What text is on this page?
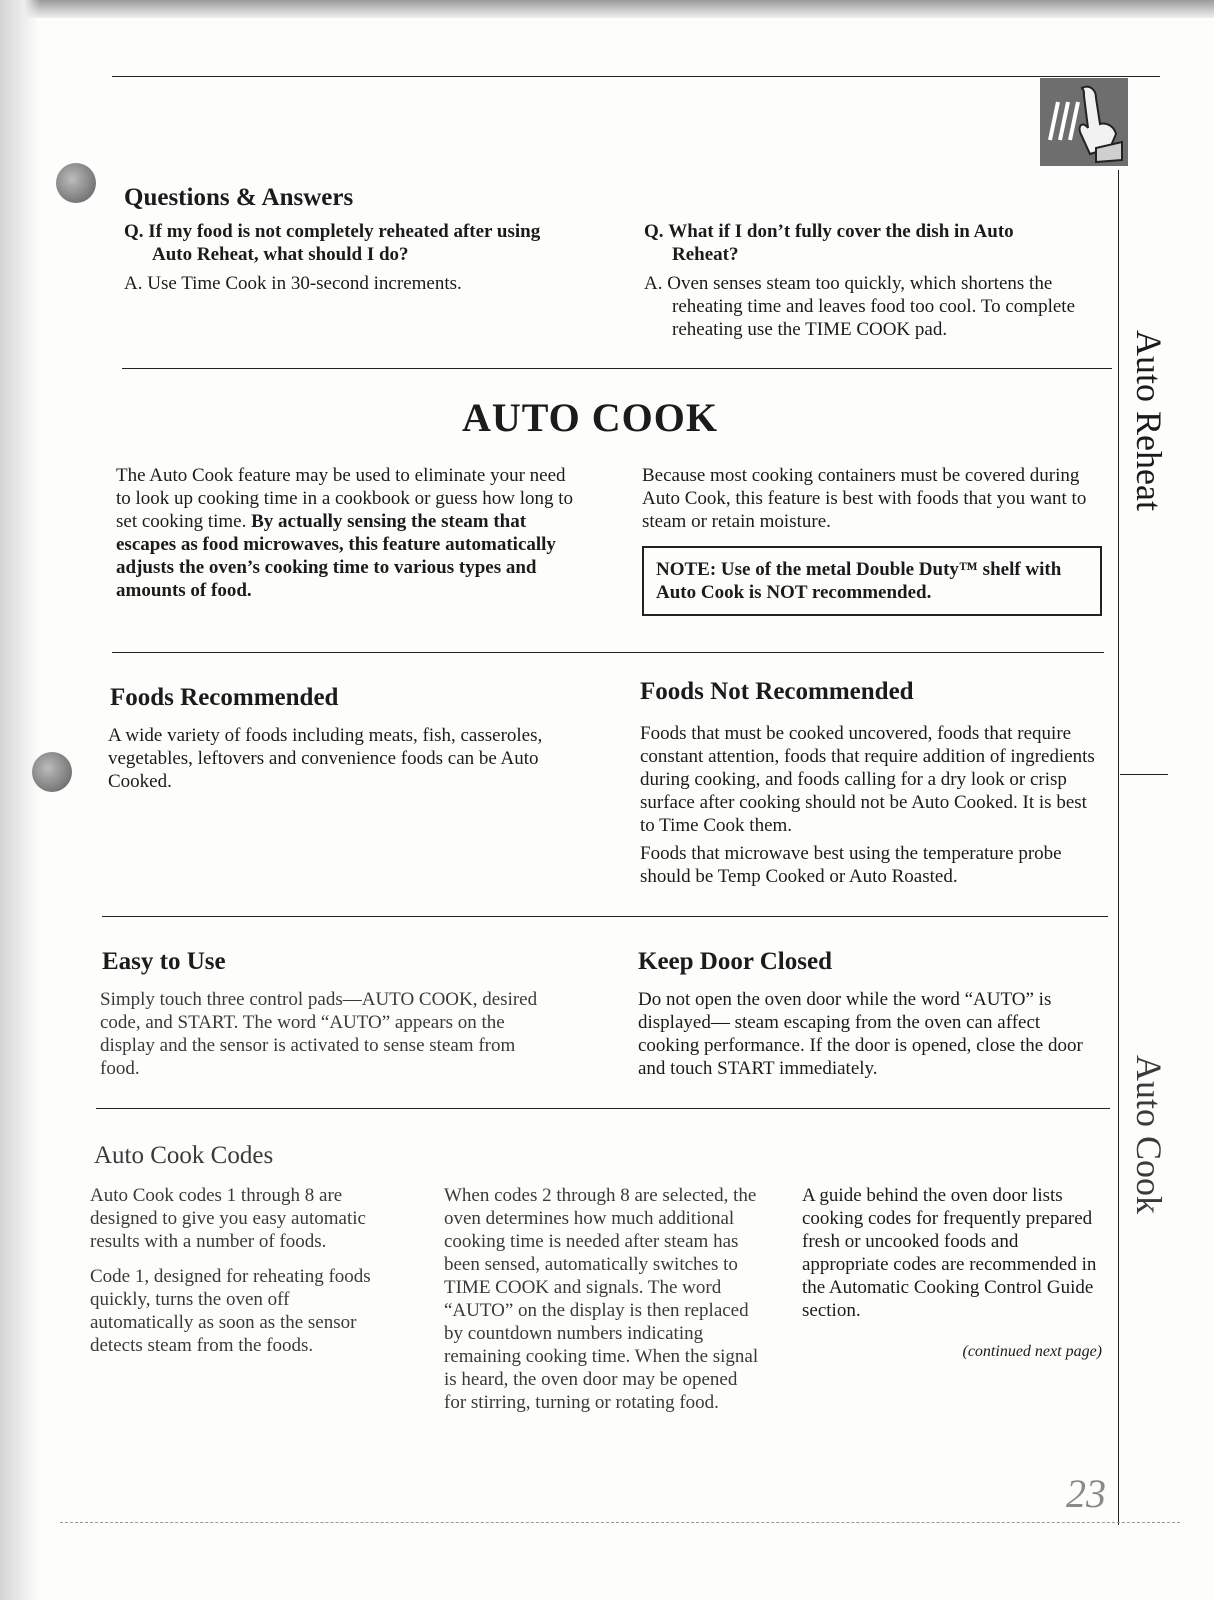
Auto Reheat
Auto Cook
Questions & Answers

Q. If my food is not completely reheated after using Auto Reheat, what should I do?

A. Use Time Cook in 30-second increments.

Q. What if I don’t fully cover the dish in Auto Reheat?

A. Oven senses steam too quickly, which shortens the reheating time and leaves food too cool. To complete reheating use the TIME COOK pad.

AUTO COOK

The Auto Cook feature may be used to eliminate your need to look up cooking time in a cookbook or guess how long to set cooking time. By actually sensing the steam that escapes as food microwaves, this feature automatically adjusts the oven’s cooking time to various types and amounts of food.

Because most cooking containers must be covered during Auto Cook, this feature is best with foods that you want to steam or retain moisture.

NOTE: Use of the metal Double Duty™ shelf with Auto Cook is NOT recommended.
Foods Recommended

A wide variety of foods including meats, fish, casseroles, vegetables, leftovers and convenience foods can be Auto Cooked.

Foods Not Recommended

Foods that must be cooked uncovered, foods that require constant attention, foods that require addition of ingredients during cooking, and foods calling for a dry look or crisp surface after cooking should not be Auto Cooked. It is best to Time Cook them.

Foods that microwave best using the temperature probe should be Temp Cooked or Auto Roasted.

Easy to Use

Simply touch three control pads—AUTO COOK, desired code, and START. The word “AUTO” appears on the display and the sensor is activated to sense steam from food.

Keep Door Closed

Do not open the oven door while the word “AUTO” is displayed— steam escaping from the oven can affect cooking performance. If the door is opened, close the door and touch START immediately.

Auto Cook Codes

Auto Cook codes 1 through 8 are designed to give you easy automatic results with a number of foods.

Code 1, designed for reheating foods quickly, turns the oven off automatically as soon as the sensor detects steam from the foods.

When codes 2 through 8 are selected, the oven determines how much additional cooking time is needed after steam has been sensed, automatically switches to TIME COOK and signals. The word “AUTO” on the display is then replaced by countdown numbers indicating remaining cooking time. When the signal is heard, the oven door may be opened for stirring, turning or rotating food.

A guide behind the oven door lists cooking codes for frequently prepared fresh or uncooked foods and appropriate codes are recommended in the Automatic Cooking Control Guide section.

(continued next page)

23
